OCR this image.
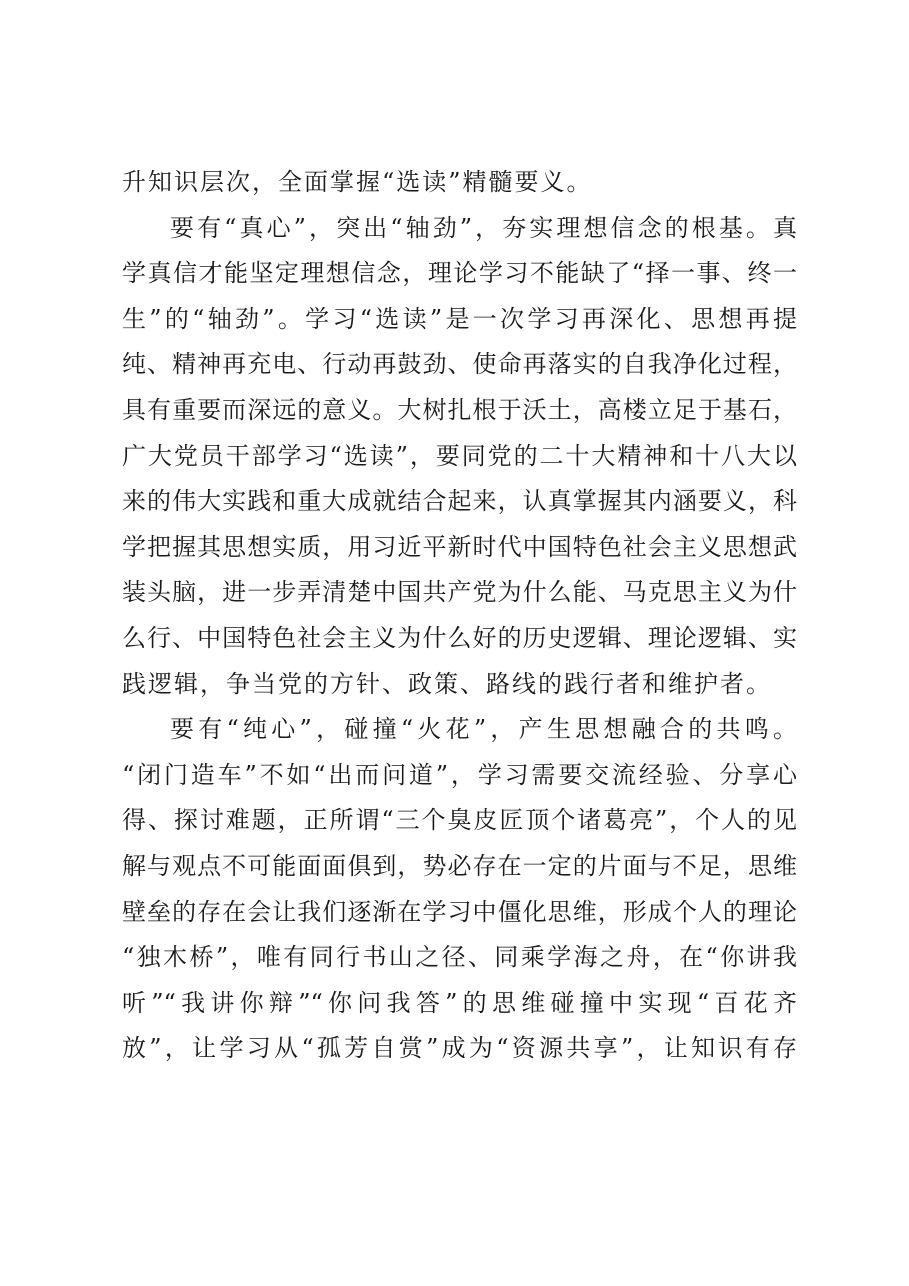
升知识层次，全面掌握“选读”精髓要义。
要有“真心”，突出“轴劲”，夯实理想信念的根基。真
学真信才能坚定理想信念，理论学习不能缺了“择一事、终一
生”的“轴劲”。学习“选读”是一次学习再深化、思想再提
纯、精神再充电、行动再鼓劲、使命再落实的自我净化过程，
具有重要而深远的意义。大树扎根于沃土，高楼立足于基石，
广大党员干部学习“选读”，要同党的二十大精神和十八大以
来的伟大实践和重大成就结合起来，认真掌握其内涵要义，科
学把握其思想实质，用习近平新时代中国特色社会主义思想武
装头脑，进一步弄清楚中国共产党为什么能、马克思主义为什
么行、中国特色社会主义为什么好的历史逻辑、理论逻辑、实
践逻辑，争当党的方针、政策、路线的践行者和维护者。
要有“纯心”，碰撞“火花”，产生思想融合的共鸣。
“闭门造车”不如“出而问道”，学习需要交流经验、分享心
得、探讨难题，正所谓“三个臭皮匠顶个诸葛亮”，个人的见
解与观点不可能面面俱到，势必存在一定的片面与不足，思维
壁垒的存在会让我们逐渐在学习中僵化思维，形成个人的理论
“独木桥”，唯有同行书山之径、同乘学海之舟，在“你讲我
听”“我讲你辩”“你问我答”的思维碰撞中实现“百花齐
放”，让学习从“孤芳自赏”成为“资源共享”，让知识有存
